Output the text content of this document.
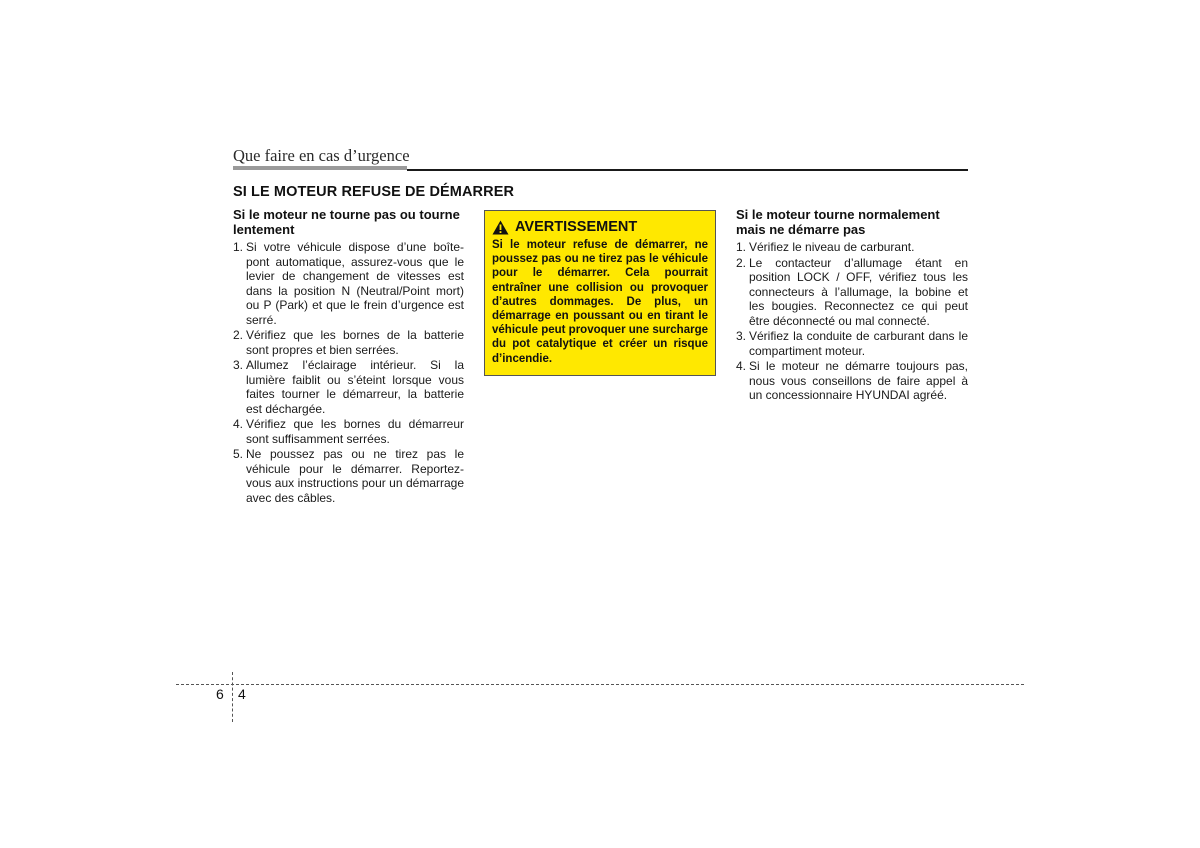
Que faire en cas d’urgence
SI LE MOTEUR REFUSE DE DÉMARRER
Si le moteur ne tourne pas ou tourne lentement
1. Si votre véhicule dispose d’une boîte-pont automatique, assurez-vous que le levier de changement de vitesses est dans la position N (Neutral/Point mort) ou P (Park) et que le frein d’urgence est serré.
2. Vérifiez que les bornes de la batterie sont propres et bien serrées.
3. Allumez l’éclairage intérieur. Si la lumière faiblit ou s’éteint lorsque vous faites tourner le démarreur, la batterie est déchargée.
4. Vérifiez que les bornes du démarreur sont suffisamment serrées.
5. Ne poussez pas ou ne tirez pas le véhicule pour le démarrer. Reportez-vous aux instructions pour un démarrage avec des câbles.
AVERTISSEMENT
Si le moteur refuse de démarrer, ne poussez pas ou ne tirez pas le véhicule pour le démarrer. Cela pourrait entraîner une collision ou provoquer d’autres dommages. De plus, un démarrage en poussant ou en tirant le véhicule peut provoquer une surcharge du pot catalytique et créer un risque d’incendie.
Si le moteur tourne normalement mais ne démarre pas
1. Vérifiez le niveau de carburant.
2. Le contacteur d’allumage étant en position LOCK / OFF, vérifiez tous les connecteurs à l’allumage, la bobine et les bougies. Reconnectez ce qui peut être déconnecté ou mal connecté.
3. Vérifiez la conduite de carburant dans le compartiment moteur.
4. Si le moteur ne démarre toujours pas, nous vous conseillons de faire appel à un concessionnaire HYUNDAI agréé.
6 4
